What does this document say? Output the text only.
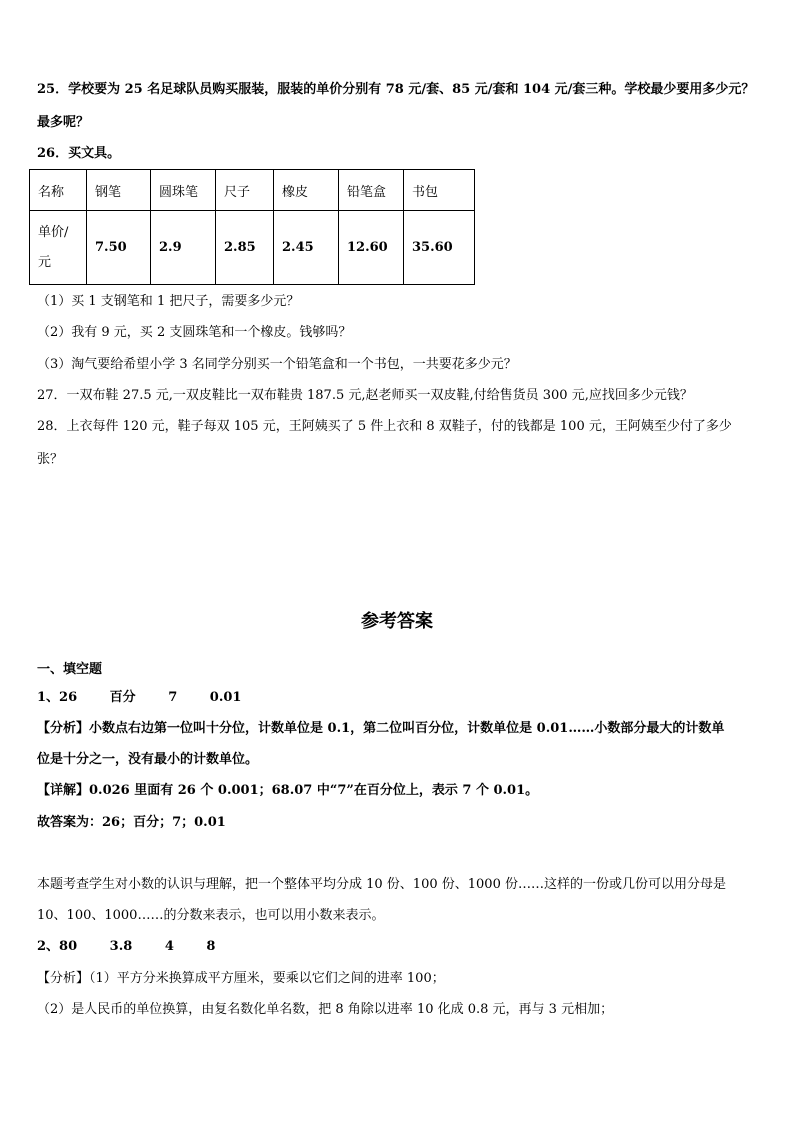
25．学校要为 25 名足球队员购买服装，服装的单价分别有 78 元/套、85 元/套和 104 元/套三种。学校最少要用多少元？
最多呢？
26．买文具。
名称	钢笔	圆珠笔	尺子	橡皮	铅笔盒	书包

单价/
元	7.50	2.9	2.85	2.45	12.60	35.60
（1）买 1 支钢笔和 1 把尺子，需要多少元？
（2）我有 9 元，买 2 支圆珠笔和一个橡皮。钱够吗？
（3）淘气要给希望小学 3 名同学分别买一个铅笔盒和一个书包，一共要花多少元？
27．一双布鞋 27.5 元,一双皮鞋比一双布鞋贵 187.5 元,赵老师买一双皮鞋,付给售货员 300 元,应找回多少元钱？
28．上衣每件 120 元，鞋子每双 105 元，王阿姨买了 5 件上衣和 8 双鞋子，付的钱都是 100 元，王阿姨至少付了多少
张？
参考答案
一、填空题
1、26	百分	7	0.01
【分析】小数点右边第一位叫十分位，计数单位是 0.1，第二位叫百分位，计数单位是 0.01……小数部分最大的计数单
位是十分之一，没有最小的计数单位。
【详解】0.026 里面有 26 个 0.001；68.07 中“7”在百分位上，表示 7 个 0.01。
故答案为：26；百分；7；0.01
本题考查学生对小数的认识与理解，把一个整体平均分成 10 份、100 份、1000 份……这样的一份或几份可以用分母是
10、100、1000……的分数来表示，也可以用小数来表示。
2、80	3.8	4	8
【分析】（1）平方分米换算成平方厘米，要乘以它们之间的进率 100；
（2）是人民币的单位换算，由复名数化单名数，把 8 角除以进率 10 化成 0.8 元，再与 3 元相加；
